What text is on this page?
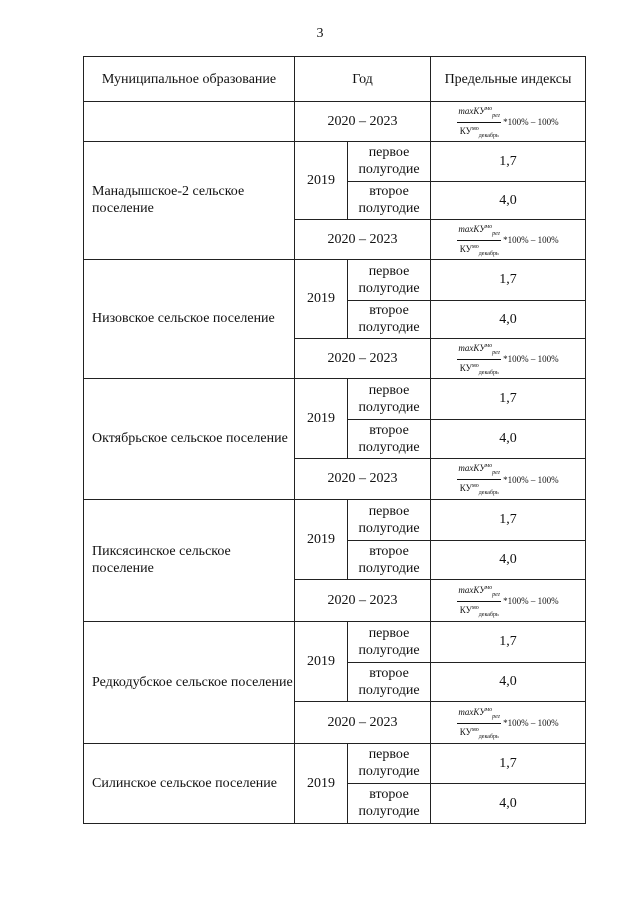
3
Муниципальное образование	Год		Предельные индексы
	2020 – 2023		$\frac{\max КУ^{мо}_{рег}}{КУ^{мо}_{декабрь}} *100\% - 100\%$

Манадышское-2 сельское поселение	2019	первое полугодие	1,7
		второе полугодие	4,0
	2020 – 2023		$\frac{\max КУ^{мо}_{рег}}{КУ^{мо}_{декабрь}} *100\% - 100\%$

Низовское сельское поселение	2019	первое полугодие	1,7
		второе полугодие	4,0
	2020 – 2023		$\frac{\max КУ^{мо}_{рег}}{КУ^{мо}_{декабрь}} *100\% - 100\%$

Октябрьское сельское поселение	2019	первое полугодие	1,7
		второе полугодие	4,0
	2020 – 2023		$\frac{\max КУ^{мо}_{рег}}{КУ^{мо}_{декабрь}} *100\% - 100\%$

Пиксясинское сельское поселение	2019	первое полугодие	1,7
		второе полугодие	4,0
	2020 – 2023		$\frac{\max КУ^{мо}_{рег}}{КУ^{мо}_{декабрь}} *100\% - 100\%$

Редкодубское сельское поселение	2019	первое полугодие	1,7
		второе полугодие	4,0
	2020 – 2023		$\frac{\max КУ^{мо}_{рег}}{КУ^{мо}_{декабрь}} *100\% - 100\%$

Силинское сельское поселение	2019	первое полугодие	1,7
		второе полугодие	4,0
